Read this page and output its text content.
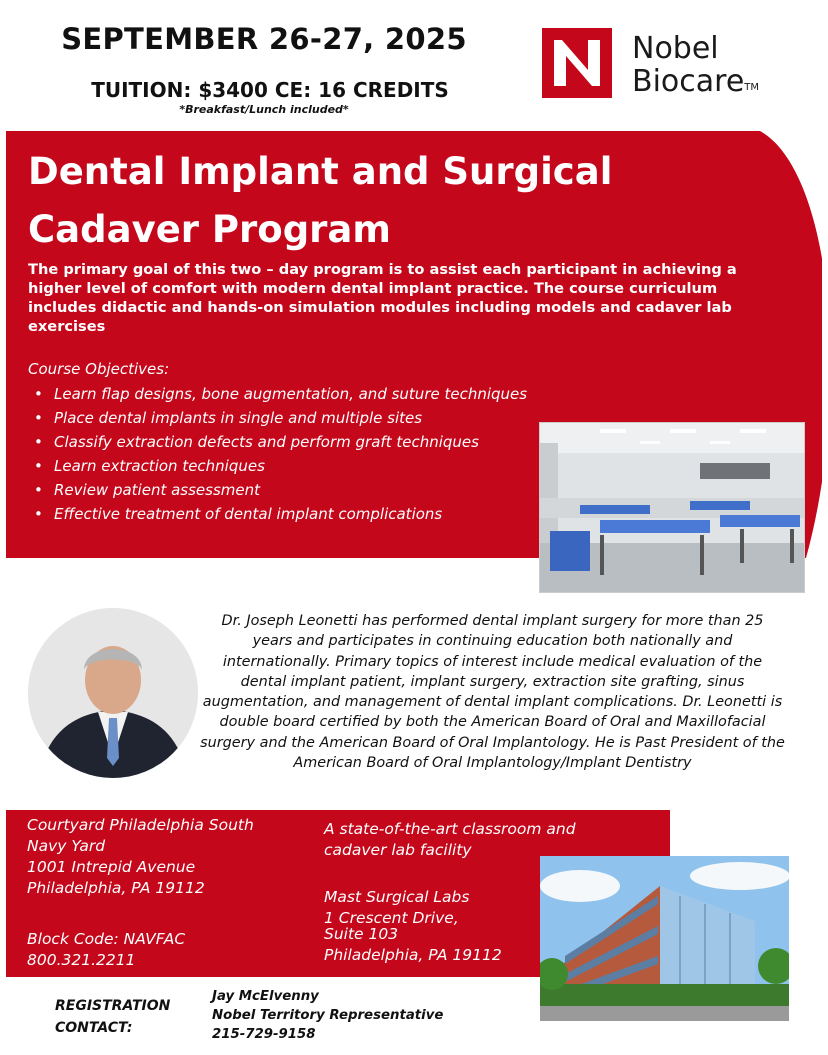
SEPTEMBER 26-27, 2025
TUITION: $3400 CE: 16 CREDITS
*Breakfast/Lunch included*
Nobel
Biocare™
Dental Implant and Surgical
Cadaver Program
The primary goal of this two – day program is to assist each participant in achieving a higher level of comfort with modern dental implant practice. The course curriculum includes didactic and hands-on simulation modules including models and cadaver lab exercises
Course Objectives:
• Learn flap designs, bone augmentation, and suture techniques
• Place dental implants in single and multiple sites
• Classify extraction defects and perform graft techniques
• Learn extraction techniques
• Review patient assessment
• Effective treatment of dental implant complications
Dr. Joseph Leonetti has performed dental implant surgery for more than 25 years and participates in continuing education both nationally and internationally. Primary topics of interest include medical evaluation of the dental implant patient, implant surgery, extraction site grafting, sinus augmentation, and management of dental implant complications. Dr. Leonetti is double board certified by both the American Board of Oral and Maxillofacial surgery and the American Board of Oral Implantology. He is Past President of the American Board of Oral Implantology/Implant Dentistry
Courtyard Philadelphia South
Navy Yard
1001 Intrepid Avenue
Philadelphia, PA 19112
Block Code: NAVFAC
800.321.2211
A state-of-the-art classroom and
cadaver lab facility
Mast Surgical Labs
1 Crescent Drive,
Suite 103
Philadelphia, PA 19112
REGISTRATION
CONTACT:
Jay McElvenny
Nobel Territory Representative
215-729-9158
